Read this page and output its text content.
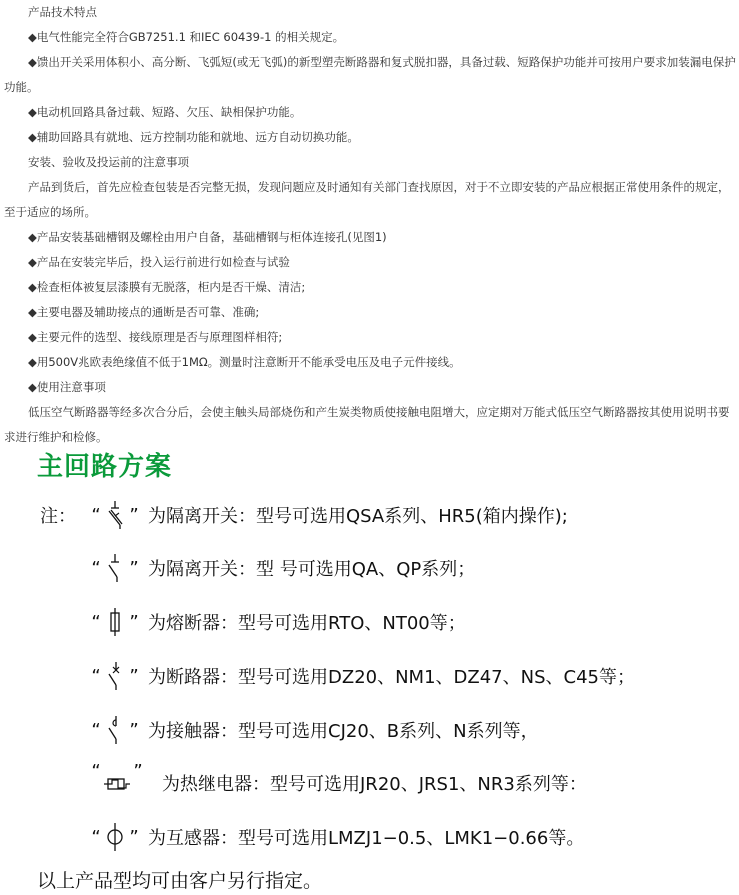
产品技术特点

◆电气性能完全符合GB7251.1 和IEC 60439-1 的相关规定。

◆馈出开关采用体积小、高分断、飞弧短(或无飞弧)的新型塑壳断路器和复式脱扣器，具备过载、短路保护功能并可按用户要求加装漏电保护功能。

◆电动机回路具备过载、短路、欠压、缺相保护功能。

◆辅助回路具有就地、远方控制功能和就地、远方自动切换功能。

安装、验收及投运前的注意事项

产品到货后，首先应检查包装是否完整无损，发现问题应及时通知有关部门查找原因，对于不立即安装的产品应根据正常使用条件的规定，至于适应的场所。

◆产品安装基础槽钢及螺栓由用户自备，基础槽钢与柜体连接孔(见图1)

◆产品在安装完毕后，投入运行前进行如检查与试验

◆检查柜体被复层漆膜有无脱落，柜内是否干燥、清洁;

◆主要电器及辅助接点的通断是否可靠、准确;

◆主要元件的选型、接线原理是否与原理图样相符;

◆用500V兆欧表绝缘值不低于1MΩ。测量时注意断开不能承受电压及电子元件接线。

◆使用注意事项

低压空气断路器等经多次合分后，会使主触头局部烧伤和产生炭类物质使接触电阻增大，应定期对万能式低压空气断路器按其使用说明书要求进行维护和检修。

主回路方案
注： “ ” 为隔离开关：型号可选用QSA系列、HR5(箱内操作);
“ ” 为隔离开关：型 号可选用QA、QP系列；
“ ” 为熔断器：型号可选用RTO、NT00等；
“ ” 为断路器：型号可选用DZ20、NM1、DZ47、NS、C45等；
“ ” 为接触器：型号可选用CJ20、B系列、N系列等，
“ ”
为热继电器：型号可选用JR20、JRS1、NR3系列等：
“ ” 为互感器：型号可选用LMZJ1−0.5、LMK1−0.66等。

以上产品型均可由客户另行指定。
